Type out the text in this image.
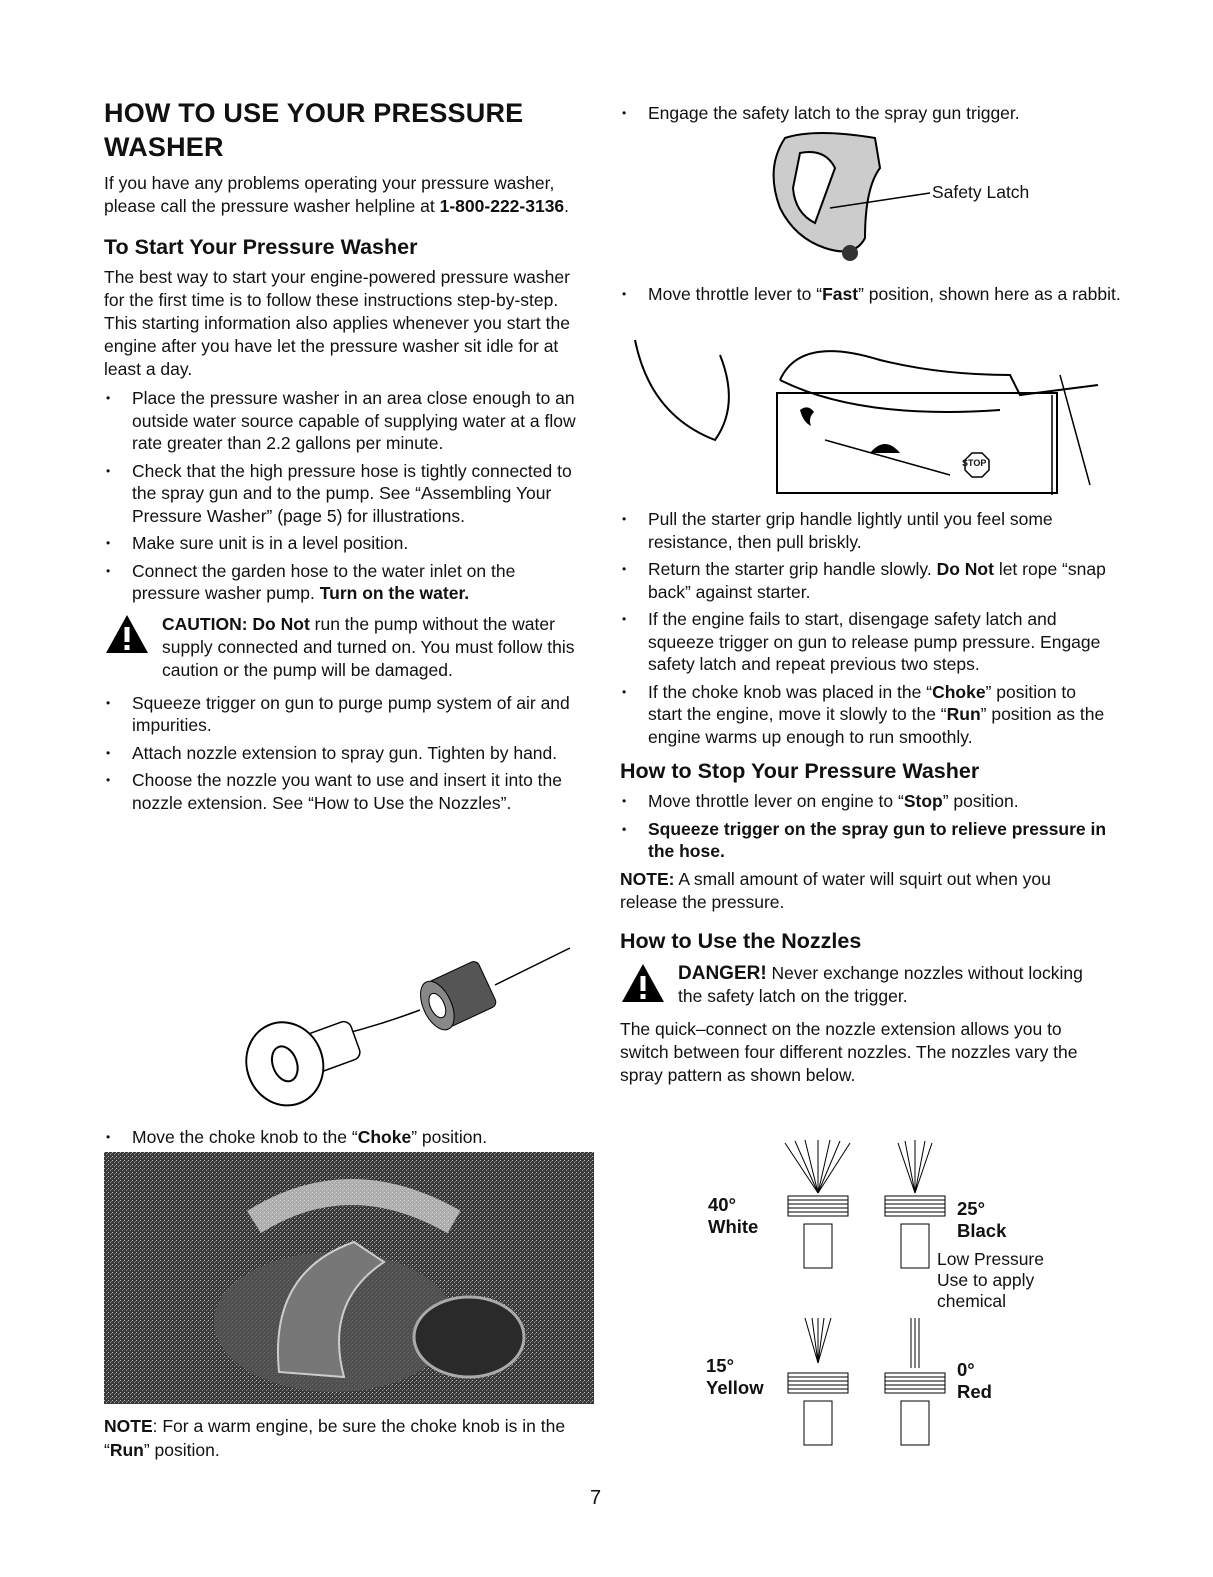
HOW TO USE YOUR PRESSURE WASHER

If you have any problems operating your pressure washer, please call the pressure washer helpline at 1-800-222-3136.

To Start Your Pressure Washer

The best way to start your engine-powered pressure washer for the first time is to follow these instructions step-by-step. This starting information also applies whenever you start the engine after you have let the pressure washer sit idle for at least a day.

• Place the pressure washer in an area close enough to an outside water source capable of supplying water at a flow rate greater than 2.2 gallons per minute.
• Check that the high pressure hose is tightly connected to the spray gun and to the pump. See “Assembling Your Pressure Washer” (page 5) for illustrations.
• Make sure unit is in a level position.
• Connect the garden hose to the water inlet on the pressure washer pump. Turn on the water.

CAUTION: Do Not run the pump without the water supply connected and turned on. You must follow this caution or the pump will be damaged.

• Squeeze trigger on gun to purge pump system of air and impurities.
• Attach nozzle extension to spray gun. Tighten by hand.
• Choose the nozzle you want to use and insert it into the nozzle extension. See “How to Use the Nozzles”.
• Move the choke knob to the “Choke” position.

NOTE: For a warm engine, be sure the choke knob is in the “Run” position.

• Engage the safety latch to the spray gun trigger.
Safety Latch
• Move throttle lever to “Fast” position, shown here as a rabbit.
STOP
• Pull the starter grip handle lightly until you feel some resistance, then pull briskly.
• Return the starter grip handle slowly. Do Not let rope “snap back” against starter.
• If the engine fails to start, disengage safety latch and squeeze trigger on gun to release pump pressure. Engage safety latch and repeat previous two steps.
• If the choke knob was placed in the “Choke” position to start the engine, move it slowly to the “Run” position as the engine warms up enough to run smoothly.
How to Stop Your Pressure Washer
• Move throttle lever on engine to “Stop” position.
• Squeeze trigger on the spray gun to relieve pressure in the hose.

NOTE: A small amount of water will squirt out when you release the pressure.

How to Use the Nozzles

DANGER! Never exchange nozzles without locking the safety latch on the trigger.

The quick–connect on the nozzle extension allows you to switch between four different nozzles. The nozzles vary the spray pattern as shown below.

40°
White
25°
Black
Low Pressure
Use to apply
chemical
15°
Yellow
0°
Red
7
